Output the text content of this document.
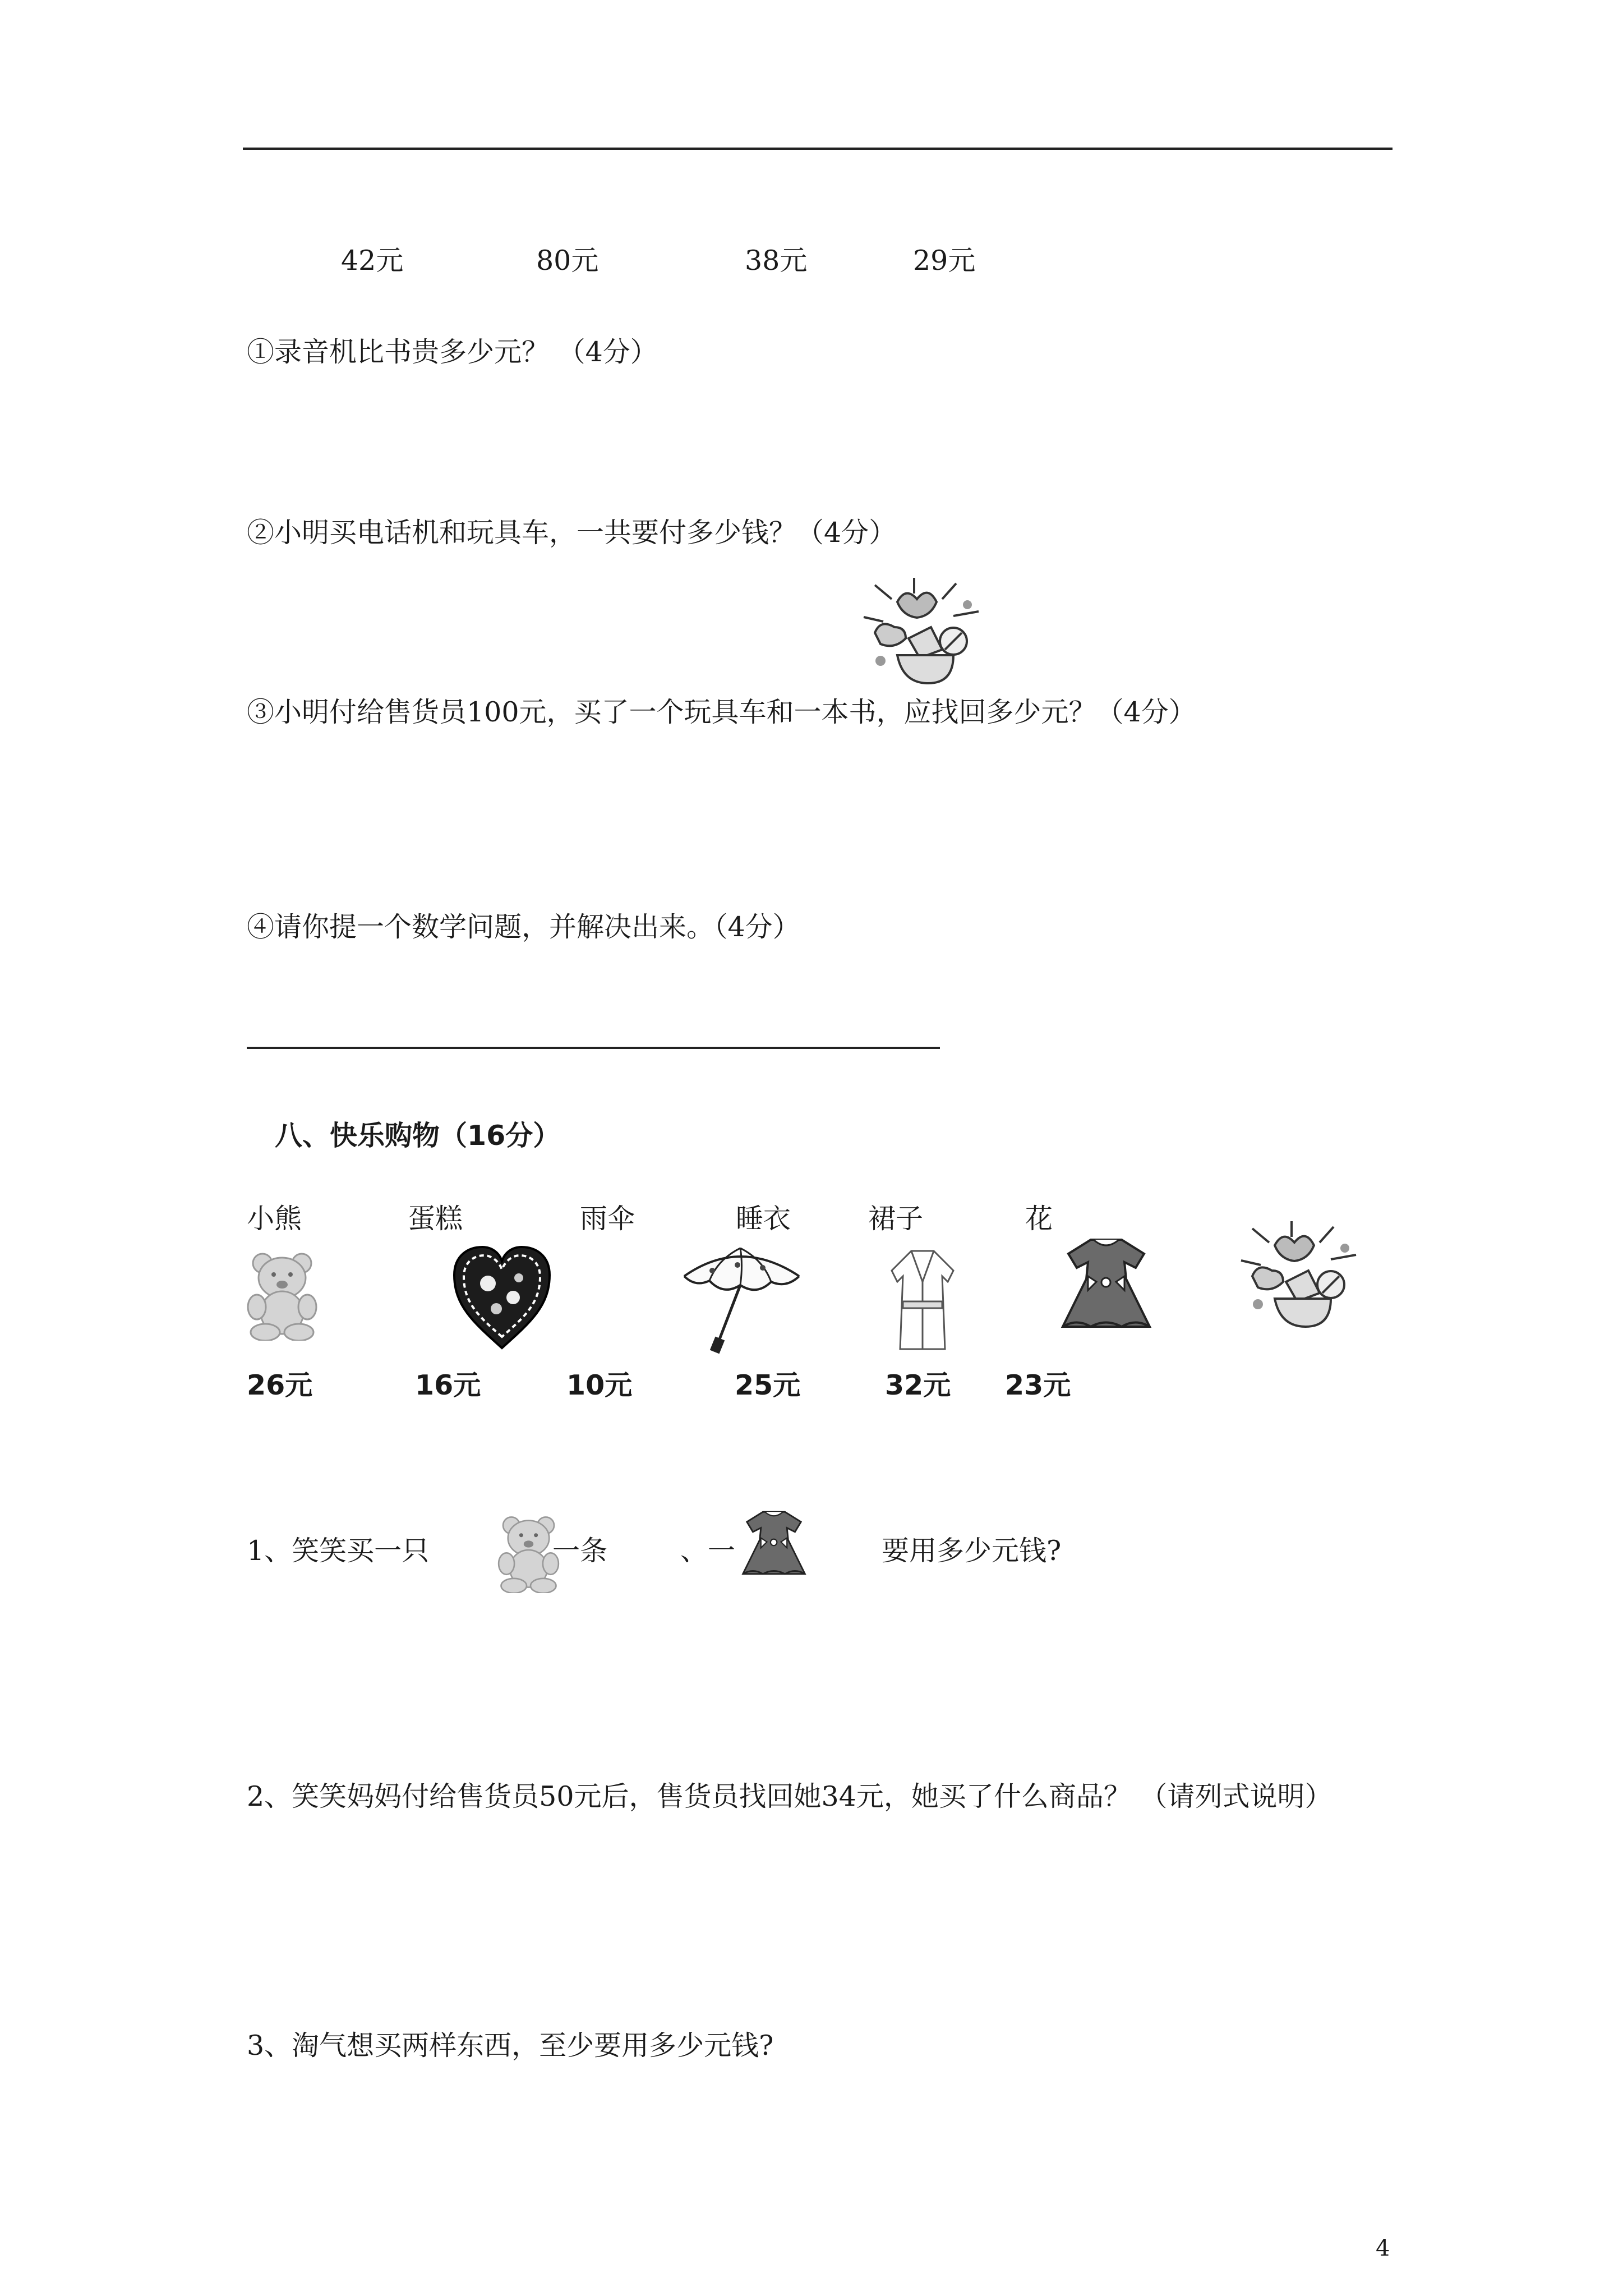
42元	80元	38元	29元
①录音机比书贵多少元？ （4分）
②小明买电话机和玩具车，一共要付多少钱？（4分）
③小明付给售货员100元，买了一个玩具车和一本书，应找回多少元？（4分）
④请你提一个数学问题，并解决出来。（4分）
八、快乐购物（16分）
小熊	蛋糕	雨伞	睡衣	裙子	花
26元	16元	10元	25元	32元 23元
1、笑笑买一只	一条	、一	要用多少元钱?
2、笑笑妈妈付给售货员50元后，售货员找回她34元，她买了什么商品？ （请列式说明）
3、淘气想买两样东西，至少要用多少元钱?
4
